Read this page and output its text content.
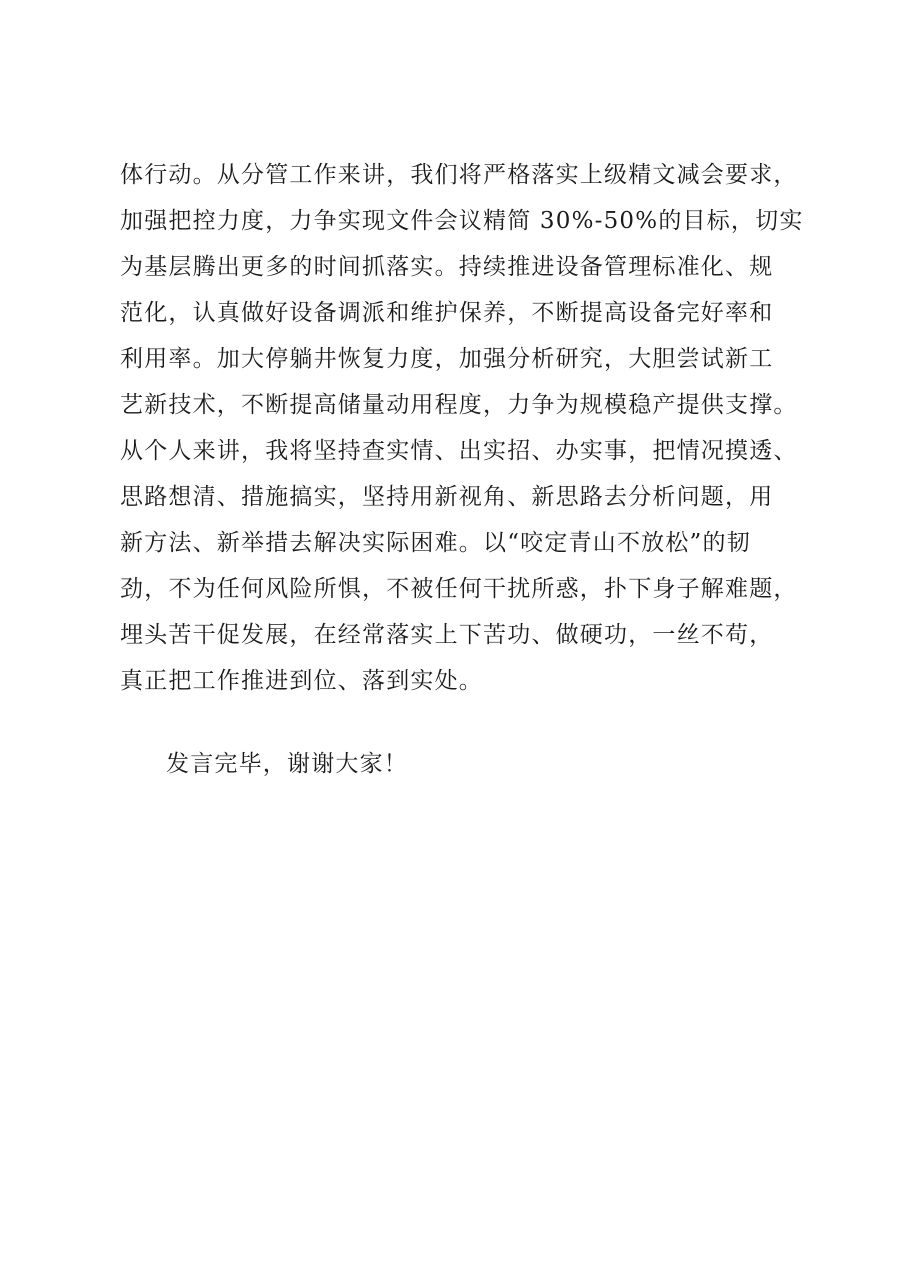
体行动。从分管工作来讲，我们将严格落实上级精文减会要求，
加强把控力度，力争实现文件会议精简 30%-50%的目标，切实
为基层腾出更多的时间抓落实。持续推进设备管理标准化、规
范化，认真做好设备调派和维护保养，不断提高设备完好率和
利用率。加大停躺井恢复力度，加强分析研究，大胆尝试新工
艺新技术，不断提高储量动用程度，力争为规模稳产提供支撑。
从个人来讲，我将坚持查实情、出实招、办实事，把情况摸透、
思路想清、措施搞实，坚持用新视角、新思路去分析问题，用
新方法、新举措去解决实际困难。以“咬定青山不放松”的韧
劲，不为任何风险所惧，不被任何干扰所惑，扑下身子解难题，
埋头苦干促发展，在经常落实上下苦功、做硬功，一丝不苟，
真正把工作推进到位、落到实处。
发言完毕，谢谢大家！
